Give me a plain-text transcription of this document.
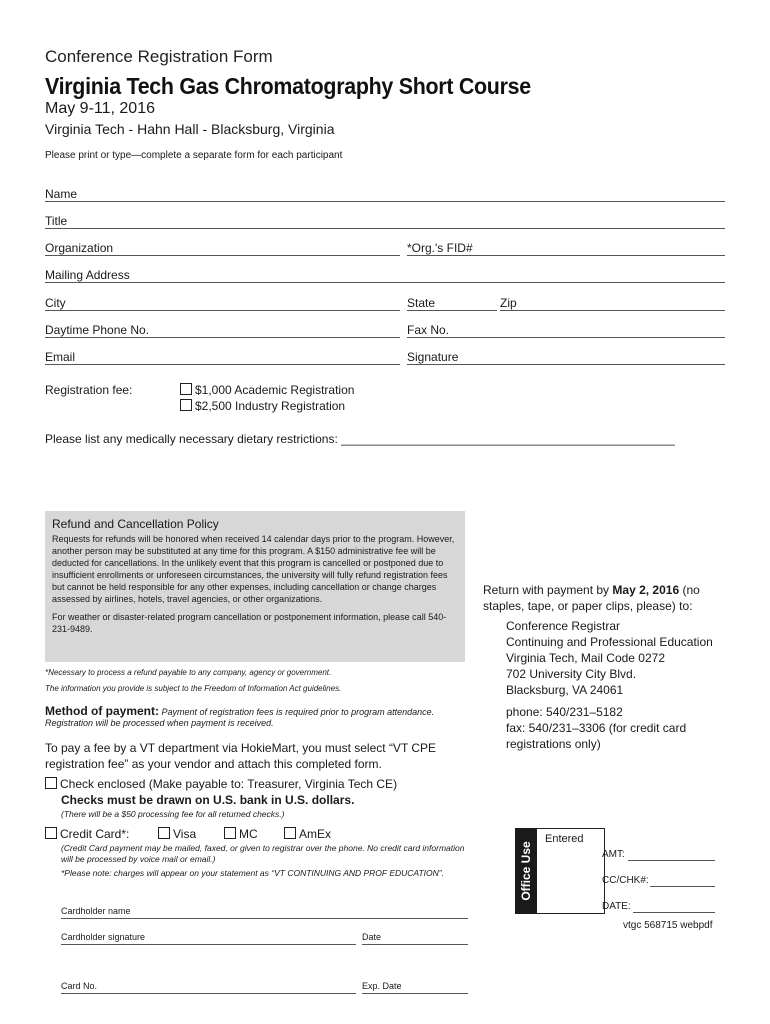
Conference Registration Form
Virginia Tech Gas Chromatography Short Course
May 9-11, 2016
Virginia Tech - Hahn Hall - Blacksburg, Virginia
Please print or type—complete a separate form for each participant
Name
Title
Organization	*Org.'s FID#
Mailing Address
City	State	Zip
Daytime Phone No.	Fax No.
Email	Signature
Registration fee:	$1,000 Academic Registration
$2,500 Industry Registration
Please list any medically necessary dietary restrictions: __________________________________________________
Refund and Cancellation Policy
Requests for refunds will be honored when received 14 calendar days prior to the program. However, another person may be substituted at any time for this program. A $150 administrative fee will be deducted for cancellations. In the unlikely event that this program is cancelled or postponed due to insufficient enrollments or unforeseen circumstances, the university will fully refund registration fees but cannot be held responsible for any other expenses, including cancellation or change charges assessed by airlines, hotels, travel agencies, or other organizations.
For weather or disaster-related program cancellation or postponement information, please call 540-231-9489.
*Necessary to process a refund payable to any company, agency or government.
The information you provide is subject to the Freedom of Information Act guidelines.
Method of payment: Payment of registration fees is required prior to program attendance. Registration will be processed when payment is received.
To pay a fee by a VT department via HokieMart, you must select “VT CPE registration fee” as your vendor and attach this completed form.
Check enclosed (Make payable to: Treasurer, Virginia Tech CE)
Checks must be drawn on U.S. bank in U.S. dollars.
(There will be a $50 processing fee for all returned checks.)
Credit Card*:	Visa	MC	AmEx
(Credit Card payment may be mailed, faxed, or given to registrar over the phone. No credit card information will be processed by voice mail or email.)
*Please note: charges will appear on your statement as “VT CONTINUING AND PROF EDUCATION”.
Cardholder name
Cardholder signature	Date
Card No.	Exp. Date
Return with payment by May 2, 2016 (no staples, tape, or paper clips, please) to:
Conference Registrar
Continuing and Professional Education
Virginia Tech, Mail Code 0272
702 University City Blvd.
Blacksburg, VA 24061
phone: 540/231–5182
fax: 540/231–3306 (for credit card registrations only)
Office Use
Entered
AMT:
CC/CHK#:
DATE:
vtgc 568715 webpdf
